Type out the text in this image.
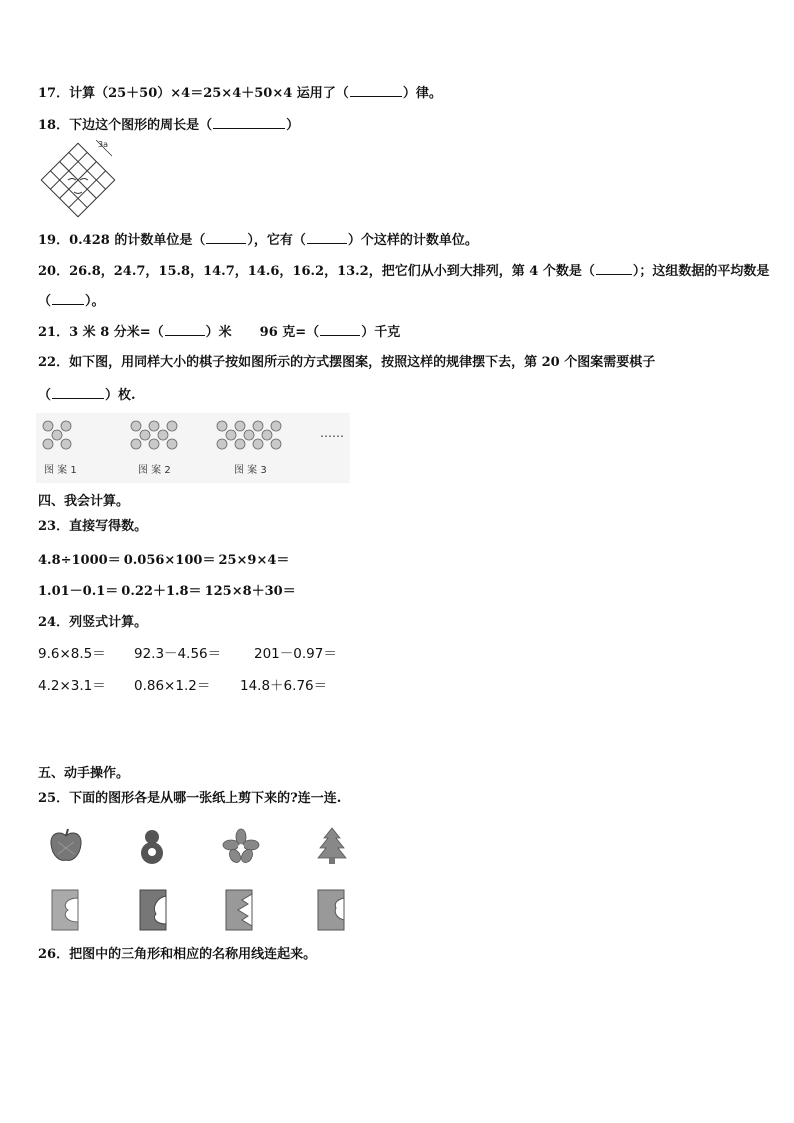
17．计算（25＋50）×4＝25×4＋50×4 运用了（	）律。
18．下边这个图形的周长是（	）
3a
19．0.428 的计数单位是（	），它有（	）个这样的计数单位。
20．26.8，24.7，15.8，14.7，14.6，16.2，13.2，把它们从小到大排列，第 4 个数是（	）；这组数据的平均数是
（	）。
21．3 米 8 分米=（	）米 96 克=（	）千克
22．如下图，用同样大小的棋子按如图所示的方式摆图案，按照这样的规律摆下去，第 20 个图案需要棋子
（	）枚.
……
图 案 1	图 案 2	图 案 3
四、我会计算。
23．直接写得数。
4.8÷1000＝ 0.056×100＝ 25×9×4＝
1.01－0.1＝ 0.22＋1.8＝ 125×8＋30＝
24．列竖式计算。
9.6×8.5＝ 92.3－4.56＝ 201－0.97＝
4.2×3.1＝ 0.86×1.2＝ 14.8＋6.76＝
五、动手操作。
25．下面的图形各是从哪一张纸上剪下来的?连一连.
26．把图中的三角形和相应的名称用线连起来。
